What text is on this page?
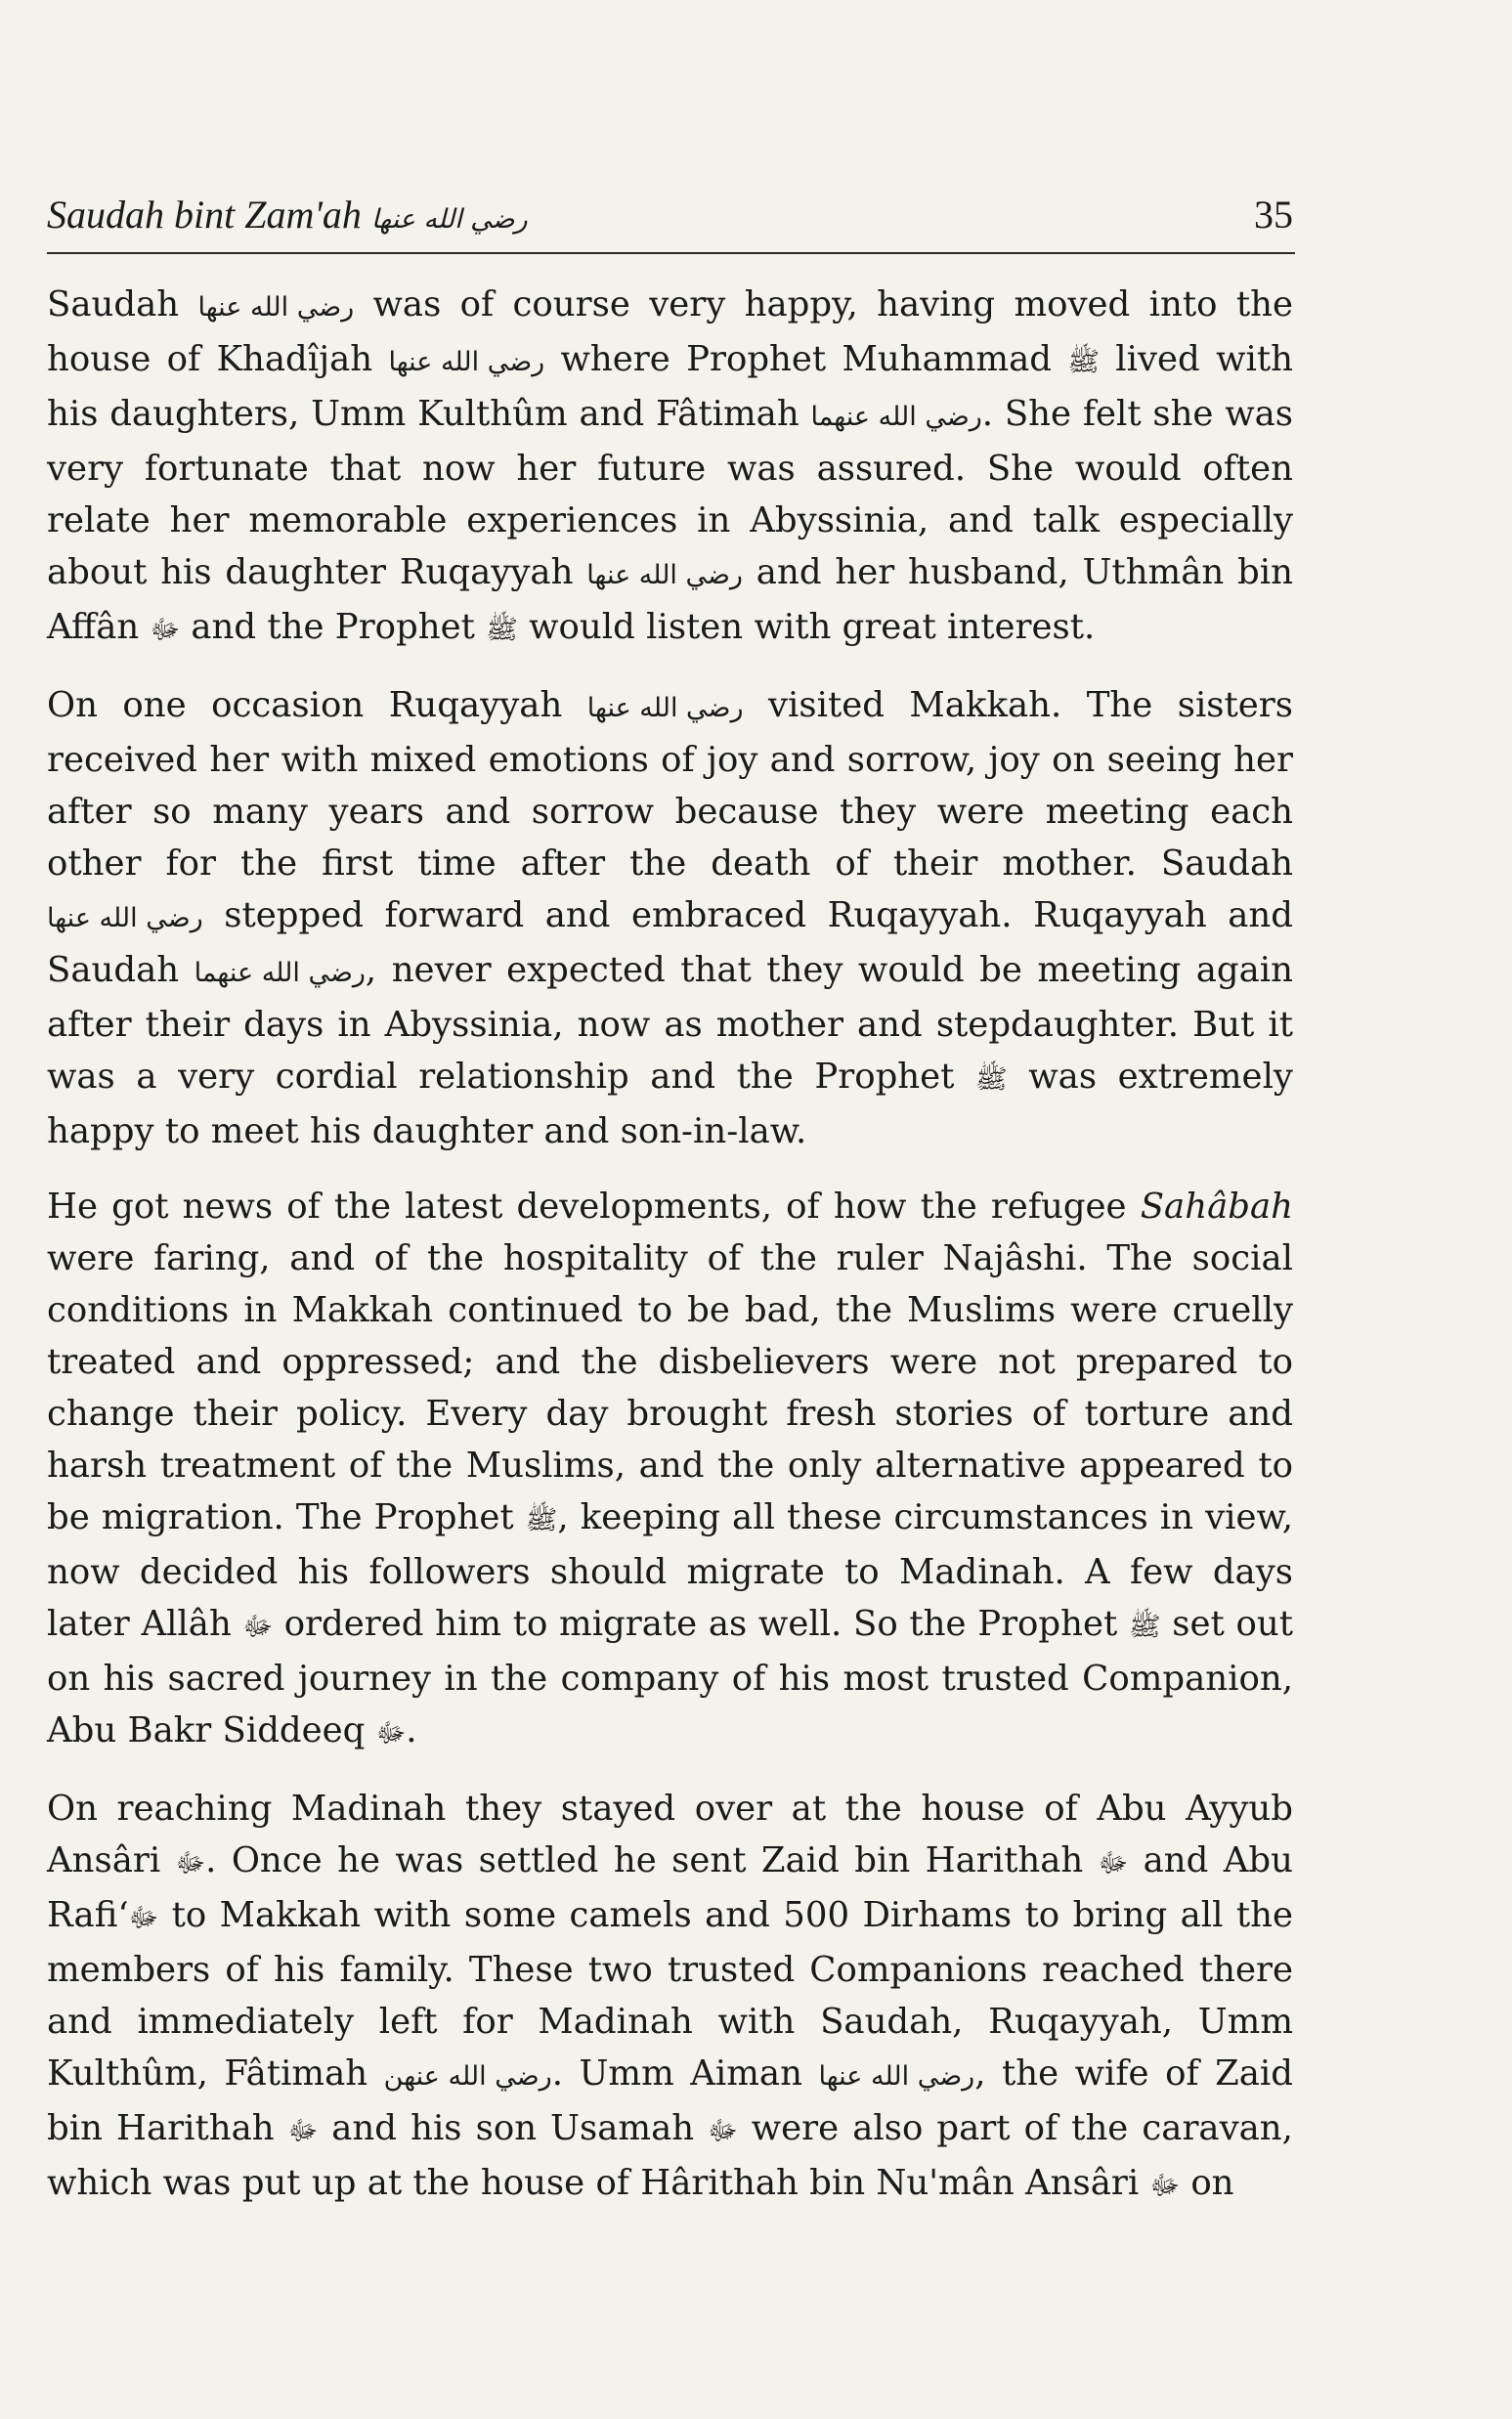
Saudah bint Zam'ah رضي الله عنها	35

Saudah رضي الله عنها was of course very happy, having moved into the house of Khadîjah رضي الله عنها where Prophet Muhammad ﷺ lived with his daughters, Umm Kulthûm and Fâtimah رضي الله عنهما. She felt she was very fortunate that now her future was assured. She would often relate her memorable experiences in Abyssinia, and talk especially about his daughter Ruqayyah رضي الله عنها and her husband, Uthmân bin Affân ﷻ and the Prophet ﷺ would listen with great interest.

On one occasion Ruqayyah رضي الله عنها visited Makkah. The sisters received her with mixed emotions of joy and sorrow, joy on seeing her after so many years and sorrow because they were meeting each other for the first time after the death of their mother. Saudah رضي الله عنها stepped forward and embraced Ruqayyah. Ruqayyah and Saudah رضي الله عنهما, never expected that they would be meeting again after their days in Abyssinia, now as mother and stepdaughter. But it was a very cordial relationship and the Prophet ﷺ was extremely happy to meet his daughter and son-in-law.

He got news of the latest developments, of how the refugee Sahâbah were faring, and of the hospitality of the ruler Najâshi. The social conditions in Makkah continued to be bad, the Muslims were cruelly treated and oppressed; and the disbelievers were not prepared to change their policy. Every day brought fresh stories of torture and harsh treatment of the Muslims, and the only alternative appeared to be migration. The Prophet ﷺ, keeping all these circumstances in view, now decided his followers should migrate to Madinah. A few days later Allâh ﷻ ordered him to migrate as well. So the Prophet ﷺ set out on his sacred journey in the company of his most trusted Companion, Abu Bakr Siddeeq ﷻ.

On reaching Madinah they stayed over at the house of Abu Ayyub Ansâri ﷻ. Once he was settled he sent Zaid bin Harithah ﷻ and Abu Rafi‘ﷻ to Makkah with some camels and 500 Dirhams to bring all the members of his family. These two trusted Companions reached there and immediately left for Madinah with Saudah, Ruqayyah, Umm Kulthûm, Fâtimah رضي الله عنهن. Umm Aiman رضي الله عنها, the wife of Zaid bin Harithah ﷻ and his son Usamah ﷻ were also part of the caravan, which was put up at the house of Hârithah bin Nu'mân Ansâri ﷻ on
